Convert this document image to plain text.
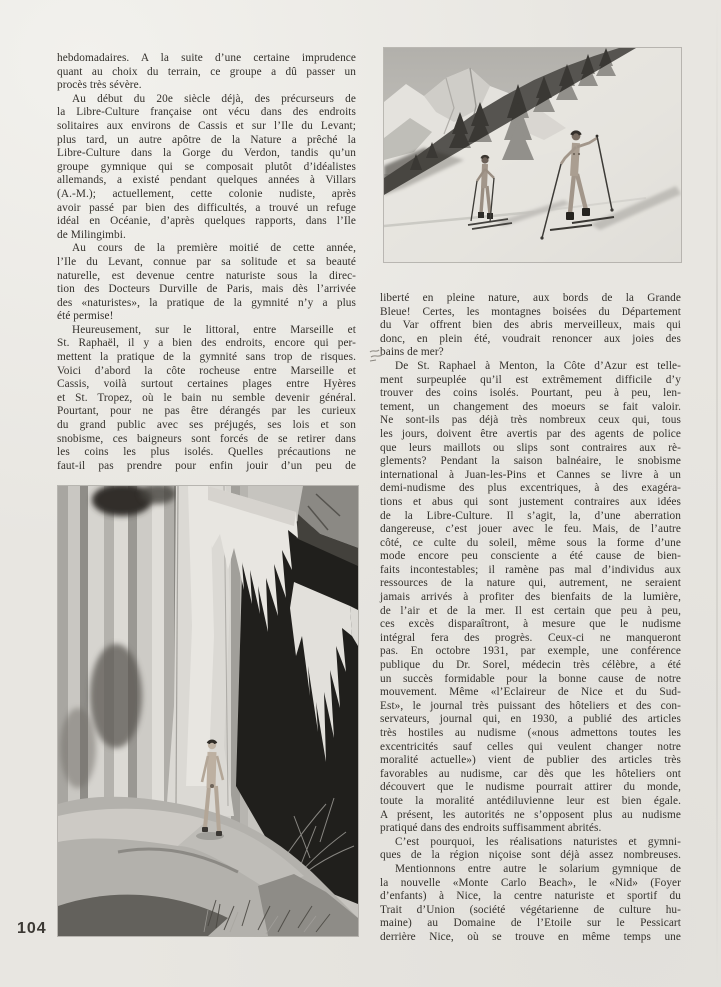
hebdomadaires. A la suite d’une certaine imprudence
quant au choix du terrain, ce groupe a dû passer un
procès très sévère.
Au début du 20e siècle déjà, des précurseurs de
la Libre-Culture française ont vécu dans des endroits
solitaires aux environs de Cassis et sur l’Ile du Levant;
plus tard, un autre apôtre de la Nature a prêché la
Libre-Culture dans la Gorge du Verdon, tandis qu’un
groupe gymnique qui se composait plutôt d’idéalistes
allemands, a existé pendant quelques années à Villars
(A.-M.); actuellement, cette colonie nudiste, après
avoir passé par bien des difficultés, a trouvé un refuge
idéal en Océanie, d’après quelques rapports, dans l’Ile
de Milingimbi.
Au cours de la première moitié de cette année,
l’Ile du Levant, connue par sa solitude et sa beauté
naturelle, est devenue centre naturiste sous la direc-
tion des Docteurs Durville de Paris, mais dès l’arrivée
des «naturistes», la pratique de la gymnité n’y a plus
été permise!
Heureusement, sur le littoral, entre Marseille et
St. Raphaël, il y a bien des endroits, encore qui per-
mettent la pratique de la gymnité sans trop de risques.
Voici d’abord la côte rocheuse entre Marseille et
Cassis, voilà surtout certaines plages entre Hyères
et St. Tropez, où le bain nu semble devenir général.
Pourtant, pour ne pas être dérangés par les curieux
du grand public avec ses préjugés, ses lois et son
snobisme, ces baigneurs sont forcés de se retirer dans
les coins les plus isolés. Quelles précautions ne
faut-il pas prendre pour enfin jouir d’un peu de
liberté en pleine nature, aux bords de la Grande
Bleue! Certes, les montagnes boisées du Département
du Var offrent bien des abris merveilleux, mais qui
donc, en plein été, voudrait renoncer aux joies des
bains de mer?
De St. Raphael à Menton, la Côte d’Azur est telle-
ment surpeuplée qu’il est extrêmement difficile d’y
trouver des coins isolés. Pourtant, peu à peu, len-
tement, un changement des moeurs se fait valoir.
Ne sont-ils pas déjà très nombreux ceux qui, tous
les jours, doivent être avertis par des agents de police
que leurs maillots ou slips sont contraires aux rè-
glements? Pendant la saison balnéaire, le snobisme
international à Juan-les-Pins et Cannes se livre à un
demi-nudisme des plus excentriques, à des exagéra-
tions et abus qui sont justement contraires aux idées
de la Libre-Culture. Il s’agit, la, d’une aberration
dangereuse, c’est jouer avec le feu. Mais, de l’autre
côté, ce culte du soleil, même sous la forme d’une
mode encore peu consciente a été cause de bien-
faits incontestables; il ramène pas mal d’individus aux
ressources de la nature qui, autrement, ne seraient
jamais arrivés à profiter des bienfaits de la lumière,
de l’air et de la mer. Il est certain que peu à peu,
ces excès disparaîtront, à mesure que le nudisme
intégral fera des progrès. Ceux-ci ne manqueront
pas. En octobre 1931, par exemple, une conférence
publique du Dr. Sorel, médecin très célèbre, a été
un succès formidable pour la bonne cause de notre
mouvement. Même «l’Eclaireur de Nice et du Sud-
Est», le journal très puissant des hôteliers et des con-
servateurs, journal qui, en 1930, a publié des articles
très hostiles au nudisme («nous admettons toutes les
excentricités sauf celles qui veulent changer notre
moralité actuelle») vient de publier des articles très
favorables au nudisme, car dès que les hôteliers ont
découvert que le nudisme pourrait attirer du monde,
toute la moralité antédiluvienne leur est bien égale.
A présent, les autorités ne s’opposent plus au nudisme
pratiqué dans des endroits suffisamment abrités.
C’est pourquoi, les réalisations naturistes et gymni-
ques de la région niçoise sont déjà assez nombreuses.
Mentionnons entre autre le solarium gymnique de
la nouvelle «Monte Carlo Beach», le «Nid» (Foyer
d’enfants) à Nice, la centre naturiste et sportif du
Trait d’Union (société végétarienne de culture hu-
maine) au Domaine de l’Etoile sur le Pessicart
derrière Nice, où se trouve en même temps une
104
